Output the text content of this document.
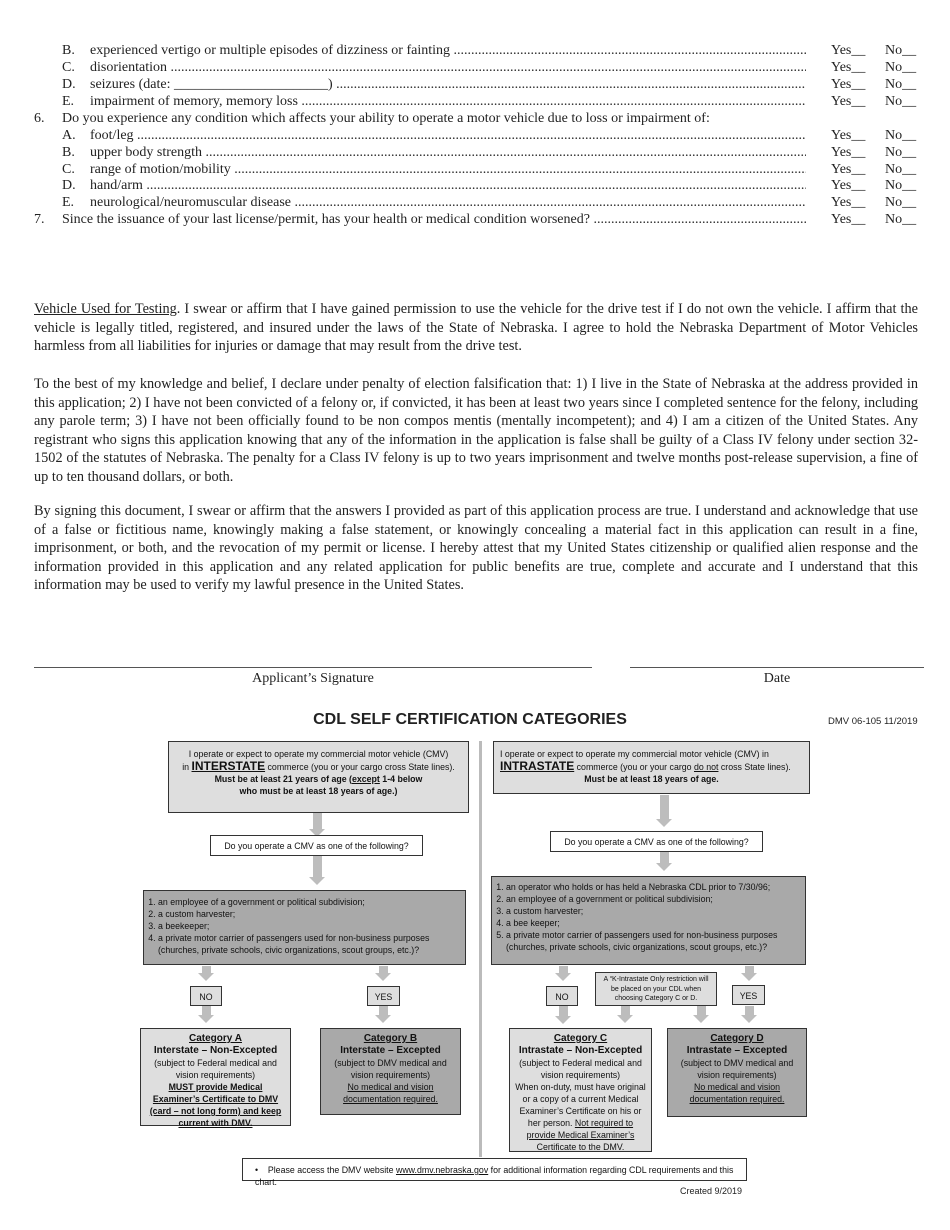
B. experienced vertigo or multiple episodes of dizziness or fainting .....	Yes__ No__
C. disorientation .....	Yes__ No__
D. seizures (date: ______________________) .....	Yes__ No__
E. impairment of memory, memory loss .....	Yes__ No__
6. Do you experience any condition which affects your ability to operate a motor vehicle due to loss or impairment of:
A. foot/leg .....	Yes__ No__
B. upper body strength .....	Yes__ No__
C. range of motion/mobility .....	Yes__ No__
D. hand/arm .....	Yes__ No__
E. neurological/neuromuscular disease .....	Yes__ No__
7. Since the issuance of your last license/permit, has your health or medical condition worsened? .....	Yes__ No__

Vehicle Used for Testing. I swear or affirm that I have gained permission to use the vehicle for the drive test if I do not own the vehicle. I affirm that the vehicle is legally titled, registered, and insured under the laws of the State of Nebraska. I agree to hold the Nebraska Department of Motor Vehicles harmless from all liabilities for injuries or damage that may result from the drive test.

To the best of my knowledge and belief, I declare under penalty of election falsification that: 1) I live in the State of Nebraska at the address provided in this application; 2) I have not been convicted of a felony or, if convicted, it has been at least two years since I completed sentence for the felony, including any parole term; 3) I have not been officially found to be non compos mentis (mentally incompetent); and 4) I am a citizen of the United States. Any registrant who signs this application knowing that any of the information in the application is false shall be guilty of a Class IV felony under section 32-1502 of the statutes of Nebraska. The penalty for a Class IV felony is up to two years imprisonment and twelve months post-release supervision, a fine of up to ten thousand dollars, or both.

By signing this document, I swear or affirm that the answers I provided as part of this application process are true. I understand and acknowledge that use of a false or fictitious name, knowingly making a false statement, or knowingly concealing a material fact in this application can result in a fine, imprisonment, or both, and the revocation of my permit or license. I hereby attest that my United States citizenship or qualified alien response and the information provided in this application and any related application for public benefits are true, complete and accurate and I understand that this information may be used to verify my lawful presence in the United States.

Applicant’s Signature	Date
CDL SELF CERTIFICATION CATEGORIES	DMV 06-105 11/2019
I operate or expect to operate my commercial motor vehicle (CMV)
in INTERSTATE commerce (you or your cargo cross State lines).
Must be at least 21 years of age (except 1-4 below
who must be at least 18 years of age.)
I operate or expect to operate my commercial motor vehicle (CMV) in
INTRASTATE commerce (you or your cargo do not cross State lines).
Must be at least 18 years of age.
Do you operate a CMV as one of the following?	Do you operate a CMV as one of the following?
1. an employee of a government or political subdivision;
2. a custom harvester;
3. a beekeeper;
4. a private motor carrier of passengers used for non-business purposes (churches, private schools, civic organizations, scout groups, etc.)?
1. an operator who holds or has held a Nebraska CDL prior to 7/30/96;
2. an employee of a government or political subdivision;
3. a custom harvester;
4. a bee keeper;
5. a private motor carrier of passengers used for non-business purposes (churches, private schools, civic organizations, scout groups, etc.)?
NO	YES	NO	YES
A “K-Intrastate Only restriction will be placed on your CDL when choosing Category C or D.
Category A
Interstate – Non-Excepted
(subject to Federal medical and vision requirements)
MUST provide Medical Examiner’s Certificate to DMV (card – not long form) and keep current with DMV.
Category B
Interstate – Excepted
(subject to DMV medical and vision requirements)
No medical and vision documentation required.
Category C
Intrastate – Non-Excepted
(subject to Federal medical and vision requirements)
When on-duty, must have original or a copy of a current Medical Examiner’s Certificate on his or her person. Not required to provide Medical Examiner’s Certificate to the DMV.
Category D
Intrastate – Excepted
(subject to DMV medical and vision requirements)
No medical and vision documentation required.
•    Please access the DMV website www.dmv.nebraska.gov for additional information regarding CDL requirements and this chart.
Created 9/2019
